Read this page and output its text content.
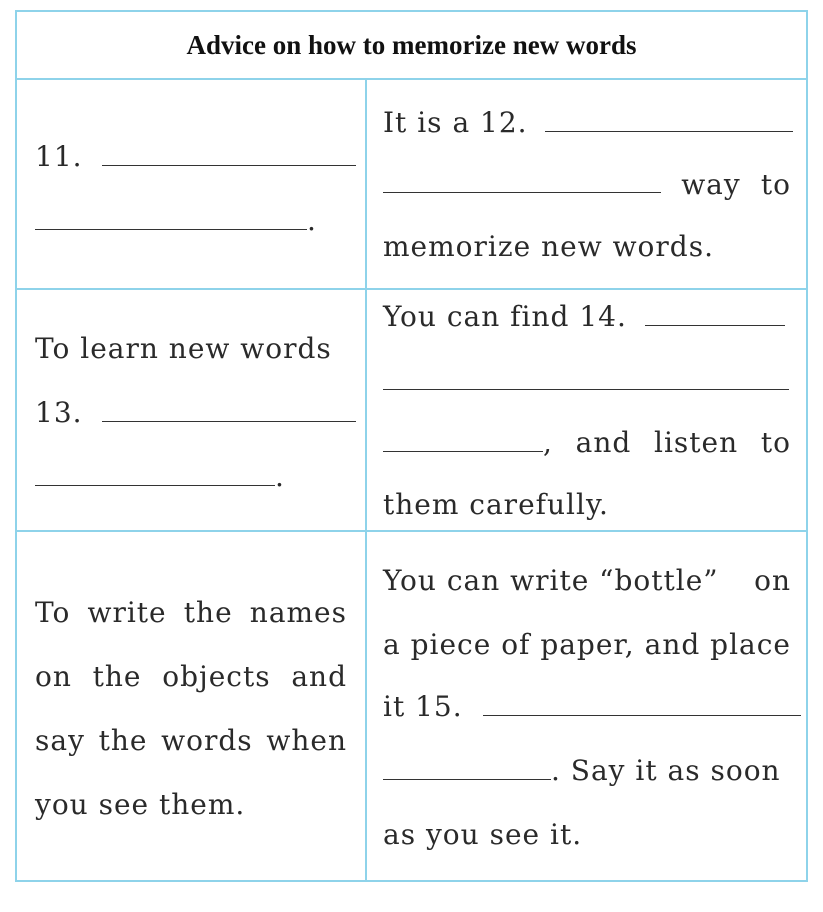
Advice on how to memorize new words
11.
.
It is a 12.
way to
memorize new words.
To learn new words
13.
.
You can find 14.
, and listen to
them carefully.
To write the names
on the objects and
say the words when
you see them.
You can write “bottle” on
a piece of paper, and place
it 15.
. Say it as soon
as you see it.
